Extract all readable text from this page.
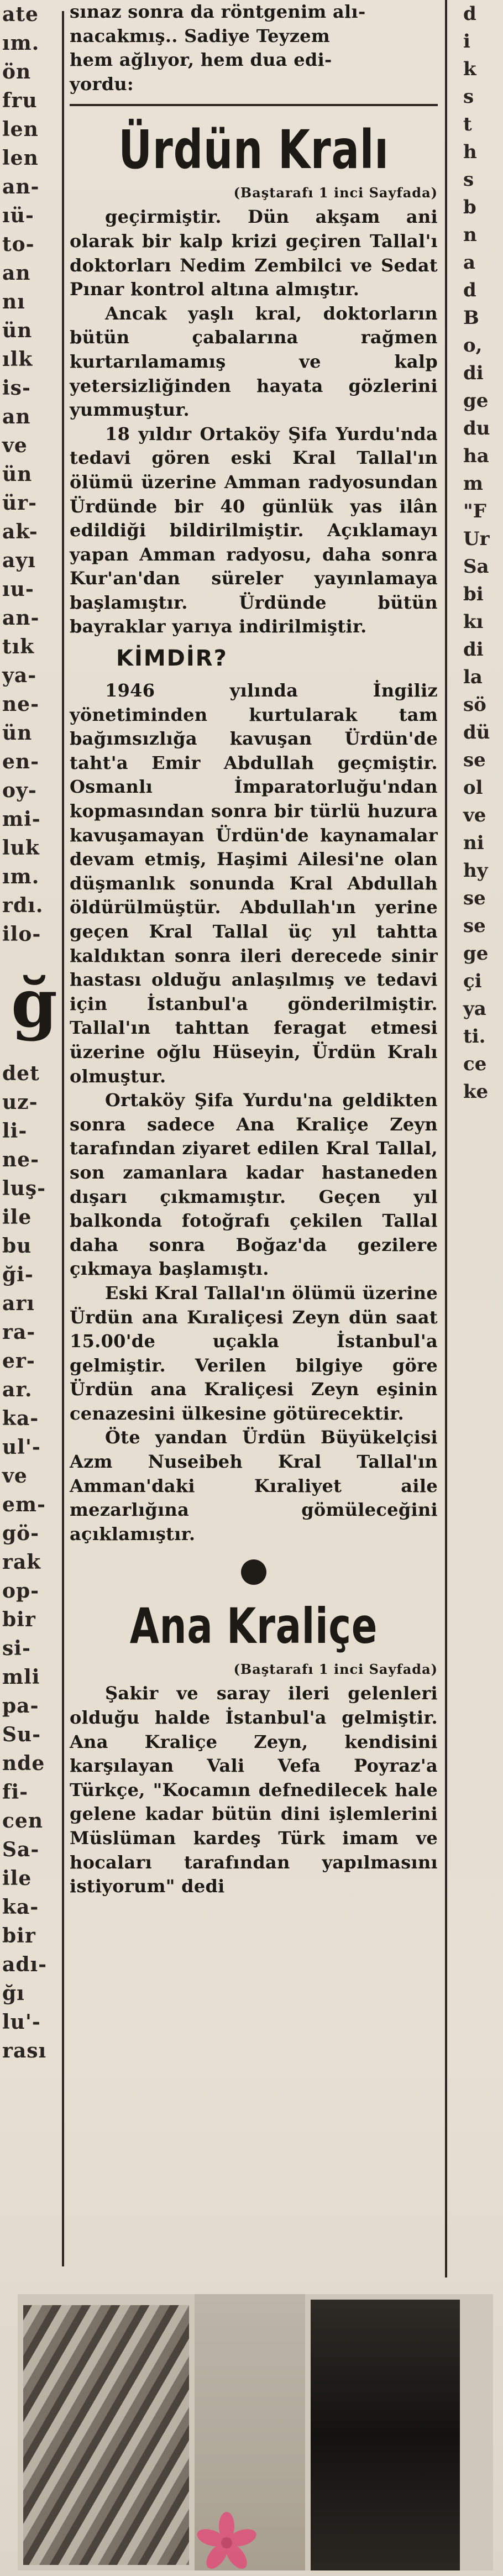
ate
ım.
ön
fru
len
len
an-
ıü-
to-
an
nı
ün
ılk
is-
an
ve
ün
ür-
ak-
ayı
ıu-
an-
tık
ya-
ne-
ün
en-
oy-
mi-
luk
ım.
rdı.
ilo-
ğ
det
uz-
li-
ne-
luş-
ile
bu
ği-
arı
ra-
er-
ar.
ka-
ul'-
ve
em-
gö-
rak
op-
bir
si-
mli
pa-
Su-
nde
fi-
cen
Sa-
ile
ka-
bir
adı-
ğı
lu'-
rası
sınaz sonra da röntgenim alı-
nacakmış.. Sadiye Teyzem
hem ağlıyor, hem dua edi-
yordu:
Ürdün Kralı
(Baştarafı 1 inci Sayfada)

geçirmiştir. Dün akşam ani olarak bir kalp krizi geçiren Tallal'ı doktorları Nedim Zembilci ve Sedat Pınar kontrol altına almıştır.

Ancak yaşlı kral, doktorların bütün çabalarına rağmen kurtarılamamış ve kalp yetersizliğinden hayata gözlerini yummuştur.

18 yıldır Ortaköy Şifa Yurdu'nda tedavi gören eski Kral Tallal'ın ölümü üzerine Amman radyosundan Ürdünde bir 40 günlük yas ilân edildiği bildirilmiştir. Açıklamayı yapan Amman radyosu, daha sonra Kur'an'dan süreler yayınlamaya başlamıştır. Ürdünde bütün bayraklar yarıya indirilmiştir.

KİMDİR?

1946 yılında İngiliz yönetiminden kurtularak tam bağımsızlığa kavuşan Ürdün'de taht'a Emir Abdullah geçmiştir. Osmanlı İmparatorluğu'ndan kopmasından sonra bir türlü huzura kavuşamayan Ürdün'de kaynamalar devam etmiş, Haşimi Ailesi'ne olan düşmanlık sonunda Kral Abdullah öldürülmüştür. Abdullah'ın yerine geçen Kral Tallal üç yıl tahtta kaldıktan sonra ileri derecede sinir hastası olduğu anlaşılmış ve tedavi için İstanbul'a gönderilmiştir. Tallal'ın tahttan feragat etmesi üzerine oğlu Hüseyin, Ürdün Kralı olmuştur.

Ortaköy Şifa Yurdu'na geldikten sonra sadece Ana Kraliçe Zeyn tarafından ziyaret edilen Kral Tallal, son zamanlara kadar hastaneden dışarı çıkmamıştır. Geçen yıl balkonda fotoğrafı çekilen Tallal daha sonra Boğaz'da gezilere çıkmaya başlamıştı.

Eski Kral Tallal'ın ölümü üzerine Ürdün ana Kıraliçesi Zeyn dün saat 15.00'de uçakla İstanbul'a gelmiştir. Verilen bilgiye göre Ürdün ana Kraliçesi Zeyn eşinin cenazesini ülkesine götürecektir.

Öte yandan Ürdün Büyükelçisi Azm Nuseibeh Kral Tallal'ın Amman'daki Kıraliyet aile mezarlığına gömüleceğini açıklamıştır.

Ana Kraliçe
(Baştarafı 1 inci Sayfada)

Şakir ve saray ileri gelenleri olduğu halde İstanbul'a gelmiştir. Ana Kraliçe Zeyn, kendisini karşılayan Vali Vefa Poyraz'a Türkçe, "Kocamın defnedilecek hale gelene kadar bütün dini işlemlerini Müslüman kardeş Türk imam ve hocaları tarafından yapılmasını istiyorum" dedi

d
i
k
s
t
h
s
b
n
a
d
B
o,
di
ge
du
ha
m
"F
Ur
Sa
bi
kı
di
la
sö
dü
se
ol
ve
ni
hy
se
se
ge
çi
ya
ti.
ce
ke
